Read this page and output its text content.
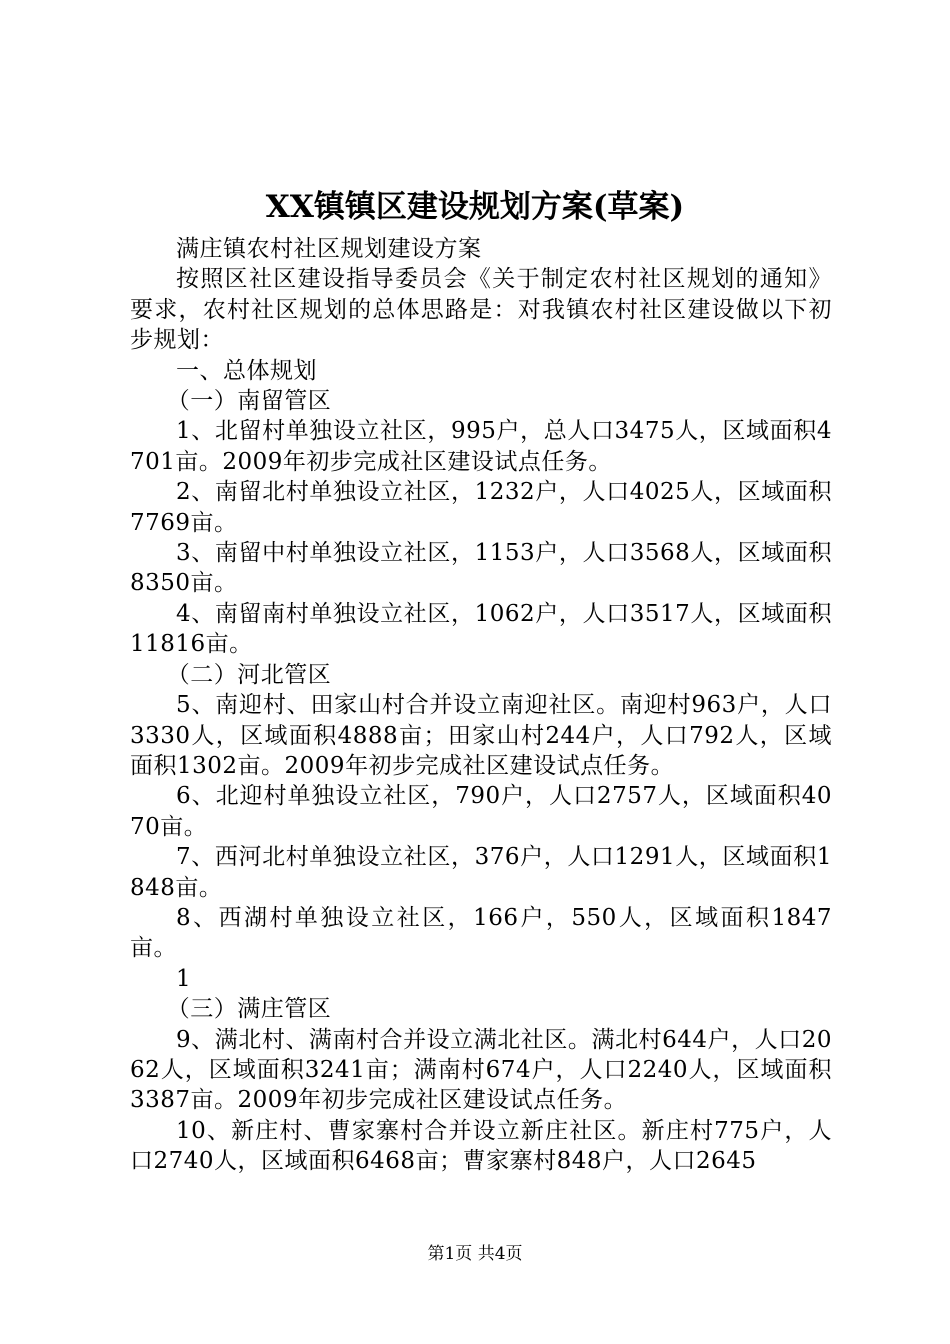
XX镇镇区建设规划方案(草案)

满庄镇农村社区规划建设方案

按照区社区建设指导委员会《关于制定农村社区规划的通知》要求，农村社区规划的总体思路是：对我镇农村社区建设做以下初步规划：

一、总体规划

（一）南留管区

1、北留村单独设立社区，995户，总人口3475人，区域面积4701亩。2009年初步完成社区建设试点任务。

2、南留北村单独设立社区，1232户，人口4025人，区域面积7769亩。

3、南留中村单独设立社区，1153户，人口3568人，区域面积8350亩。

4、南留南村单独设立社区，1062户，人口3517人，区域面积11816亩。

（二）河北管区

5、南迎村、田家山村合并设立南迎社区。南迎村963户，人口3330人，区域面积4888亩；田家山村244户，人口792人，区域面积1302亩。2009年初步完成社区建设试点任务。

6、北迎村单独设立社区，790户，人口2757人，区域面积4070亩。

7、西河北村单独设立社区，376户，人口1291人，区域面积1848亩。

8、西湖村单独设立社区，166户，550人，区域面积1847亩。

1

（三）满庄管区

9、满北村、满南村合并设立满北社区。满北村644户，人口2062人，区域面积3241亩；满南村674户，人口2240人，区域面积3387亩。2009年初步完成社区建设试点任务。

10、新庄村、曹家寨村合并设立新庄社区。新庄村775户，人口2740人，区域面积6468亩；曹家寨村848户，人口2645

第1页 共4页
